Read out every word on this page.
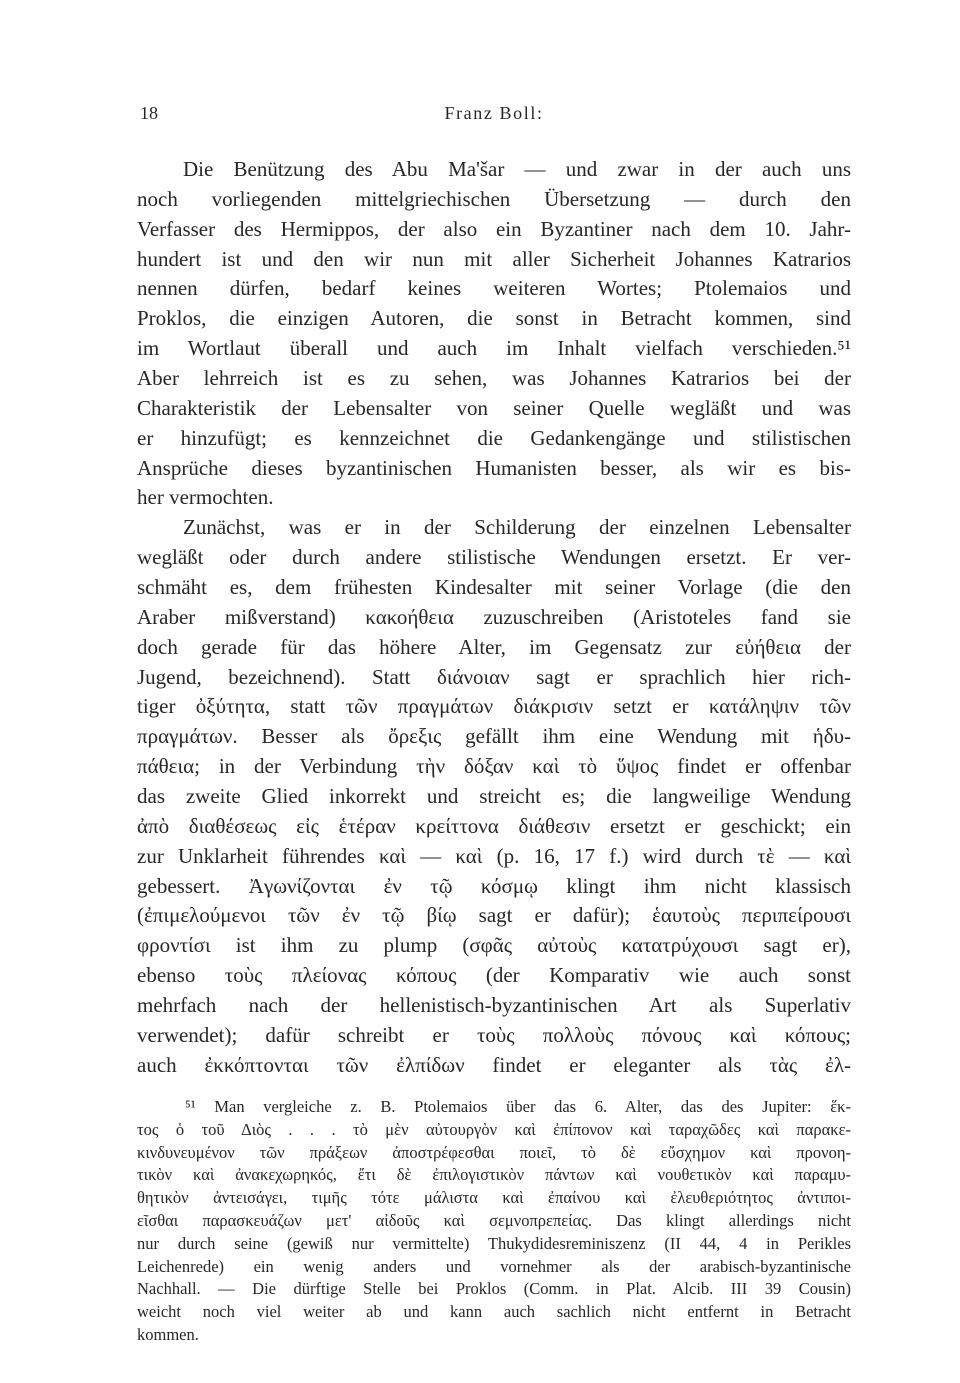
18	Franz Boll:
Die Benützung des Abu Ma'šar — und zwar in der auch uns
noch vorliegenden mittelgriechischen Übersetzung — durch den
Verfasser des Hermippos, der also ein Byzantiner nach dem 10. Jahr-
hundert ist und den wir nun mit aller Sicherheit Johannes Katrarios
nennen dürfen, bedarf keines weiteren Wortes; Ptolemaios und
Proklos, die einzigen Autoren, die sonst in Betracht kommen, sind
im Wortlaut überall und auch im Inhalt vielfach verschieden.⁵¹
Aber lehrreich ist es zu sehen, was Johannes Katrarios bei der
Charakteristik der Lebensalter von seiner Quelle wegläßt und was
er hinzufügt; es kennzeichnet die Gedankengänge und stilistischen
Ansprüche dieses byzantinischen Humanisten besser, als wir es bis-
her vermochten.
Zunächst, was er in der Schilderung der einzelnen Lebensalter
wegläßt oder durch andere stilistische Wendungen ersetzt. Er ver-
schmäht es, dem frühesten Kindesalter mit seiner Vorlage (die den
Araber mißverstand) κακοήθεια zuzuschreiben (Aristoteles fand sie
doch gerade für das höhere Alter, im Gegensatz zur εὐήθεια der
Jugend, bezeichnend). Statt διάνοιαν sagt er sprachlich hier rich-
tiger ὀξύτητα, statt τῶν πραγμάτων διάκρισιν setzt er κατάληψιν τῶν
πραγμάτων. Besser als ὄρεξις gefällt ihm eine Wendung mit ἡδυ-
πάθεια; in der Verbindung τὴν δόξαν καὶ τὸ ὕψος findet er offenbar
das zweite Glied inkorrekt und streicht es; die langweilige Wendung
ἀπὸ διαθέσεως εἰς ἑτέραν κρείττονα διάθεσιν ersetzt er geschickt; ein
zur Unklarheit führendes καὶ — καὶ (p. 16, 17 f.) wird durch τὲ — καὶ
gebessert. Ἀγωνίζονται ἐν τῷ κόσμῳ klingt ihm nicht klassisch
(ἐπιμελούμενοι τῶν ἐν τῷ βίῳ sagt er dafür); ἑαυτοὺς περιπείρουσι
φροντίσι ist ihm zu plump (σφᾶς αὐτοὺς κατατρύχουσι sagt er),
ebenso τοὺς πλείονας κόπους (der Komparativ wie auch sonst
mehrfach nach der hellenistisch-byzantinischen Art als Superlativ
verwendet); dafür schreibt er τοὺς πολλοὺς πόνους καὶ κόπους;
auch ἐκκόπτονται τῶν ἐλπίδων findet er eleganter als τὰς ἐλ-
⁵¹ Man vergleiche z. B. Ptolemaios über das 6. Alter, das des Jupiter: ἕκ-
τος ὁ τοῦ Διὸς . . . τὸ μὲν αὐτουργὸν καὶ ἐπίπονον καὶ ταραχῶδες καὶ παρακε-
κινδυνευμένον τῶν πράξεων ἀποστρέφεσθαι ποιεῖ, τὸ δὲ εὔσχημον καὶ προνοη-
τικὸν καὶ ἀνακεχωρηκός, ἔτι δὲ ἐπιλογιστικὸν πάντων καὶ νουθετικὸν καὶ παραμυ-
θητικὸν ἀντεισάγει, τιμῆς τότε μάλιστα καὶ ἐπαίνου καὶ ἐλευθεριότητος ἀντιποι-
εῖσθαι παρασκευάζων μετ' αἰδοῦς καὶ σεμνοπρεπείας. Das klingt allerdings nicht
nur durch seine (gewiß nur vermittelte) Thukydidesreminiszenz (II 44, 4 in Perikles
Leichenrede) ein wenig anders und vornehmer als der arabisch-byzantinische
Nachhall. — Die dürftige Stelle bei Proklos (Comm. in Plat. Alcib. III 39 Cousin)
weicht noch viel weiter ab und kann auch sachlich nicht entfernt in Betracht
kommen.
